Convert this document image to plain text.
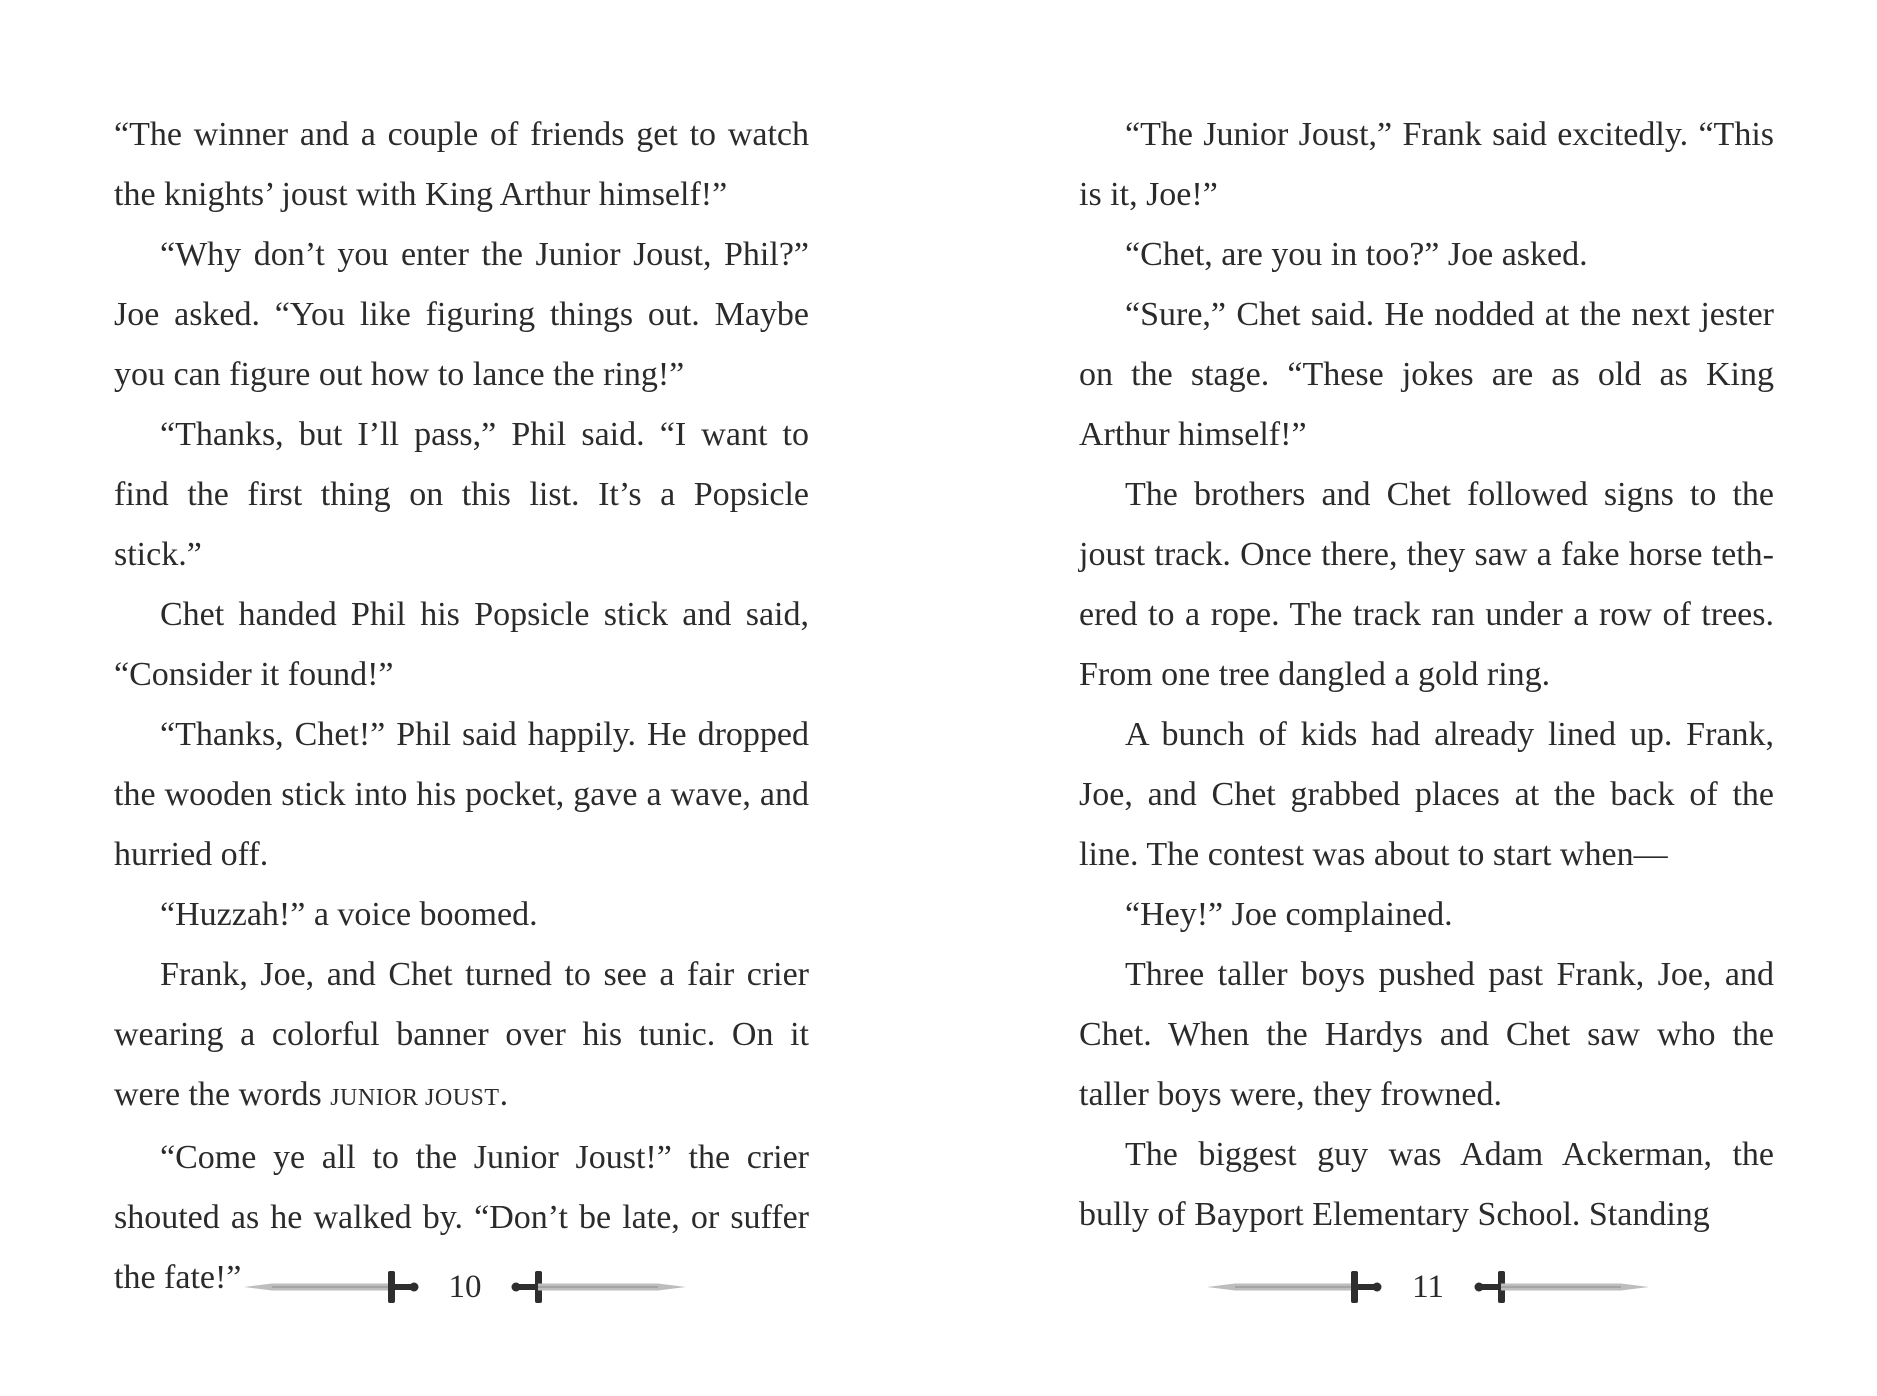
“The winner and a couple of friends get to watch the knights’ joust with King Arthur himself!”

“Why don’t you enter the Junior Joust, Phil?” Joe asked. “You like figuring things out. Maybe you can figure out how to lance the ring!”

“Thanks, but I’ll pass,” Phil said. “I want to find the first thing on this list. It’s a Popsicle stick.”

Chet handed Phil his Popsicle stick and said, “Consider it found!”

“Thanks, Chet!” Phil said happily. He dropped the wooden stick into his pocket, gave a wave, and hurried off.

“Huzzah!” a voice boomed.

Frank, Joe, and Chet turned to see a fair crier wearing a colorful banner over his tunic. On it were the words JUNIOR JOUST.

“Come ye all to the Junior Joust!” the crier shouted as he walked by. “Don’t be late, or suffer the fate!”	10

“The Junior Joust,” Frank said excitedly. “This is it, Joe!”

“Chet, are you in too?” Joe asked.

“Sure,” Chet said. He nodded at the next jester on the stage. “These jokes are as old as King Arthur himself!”

The brothers and Chet followed signs to the joust track. Once there, they saw a fake horse tethered to a rope. The track ran under a row of trees. From one tree dangled a gold ring.

A bunch of kids had already lined up. Frank, Joe, and Chet grabbed places at the back of the line. The contest was about to start when—

“Hey!” Joe complained.

Three taller boys pushed past Frank, Joe, and Chet. When the Hardys and Chet saw who the taller boys were, they frowned.

The biggest guy was Adam Ackerman, the bully of Bayport Elementary School. Standing

11
